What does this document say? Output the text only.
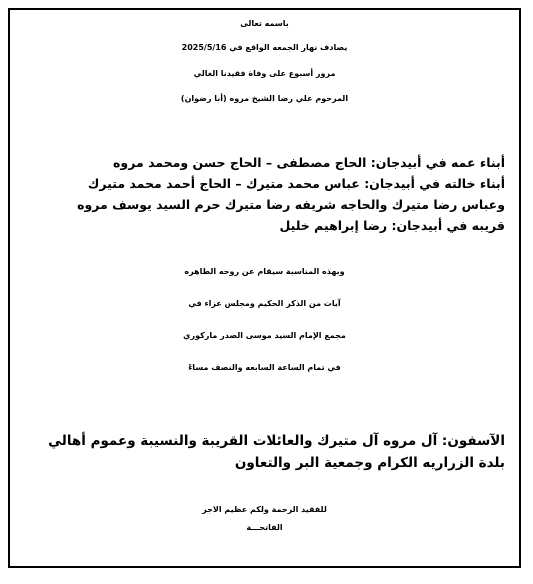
باسمه تعالى
يصادف نهار الجمعه الواقع في 2025/5/16
مرور أسبوع على وفاة فقيدنا الغالي
المرحوم علي رضا الشيخ مروه (أبا رضوان)
أبناء عمه في أبيدجان: الحاج مصطفى – الحاج حسن ومحمد مروه
أبناء خالته في أبيدجان: عباس محمد متيرك – الحاج أحمد محمد متيرك
وعباس رضا متيرك والحاجه شريفه رضا متيرك حرم السيد يوسف مروه
قريبه في أبيدجان: رضا إبراهيم خليل
وبهذه المناسبة سيقام عن روحه الطاهره
آيات من الذكر الحكيم ومجلس عزاء في
مجمع الإمام السيد موسى الصدر ماركوري
في تمام الساعة السابعه والنصف مساءً
الآسفون: آل مروه آل متيرك والعائلات القريبة والنسيبة وعموم أهالي
بلدة الزراريه الكرام وجمعية البر والتعاون
للفقيد الرحمة ولكم عظيم الاجر
الفاتحـــة
